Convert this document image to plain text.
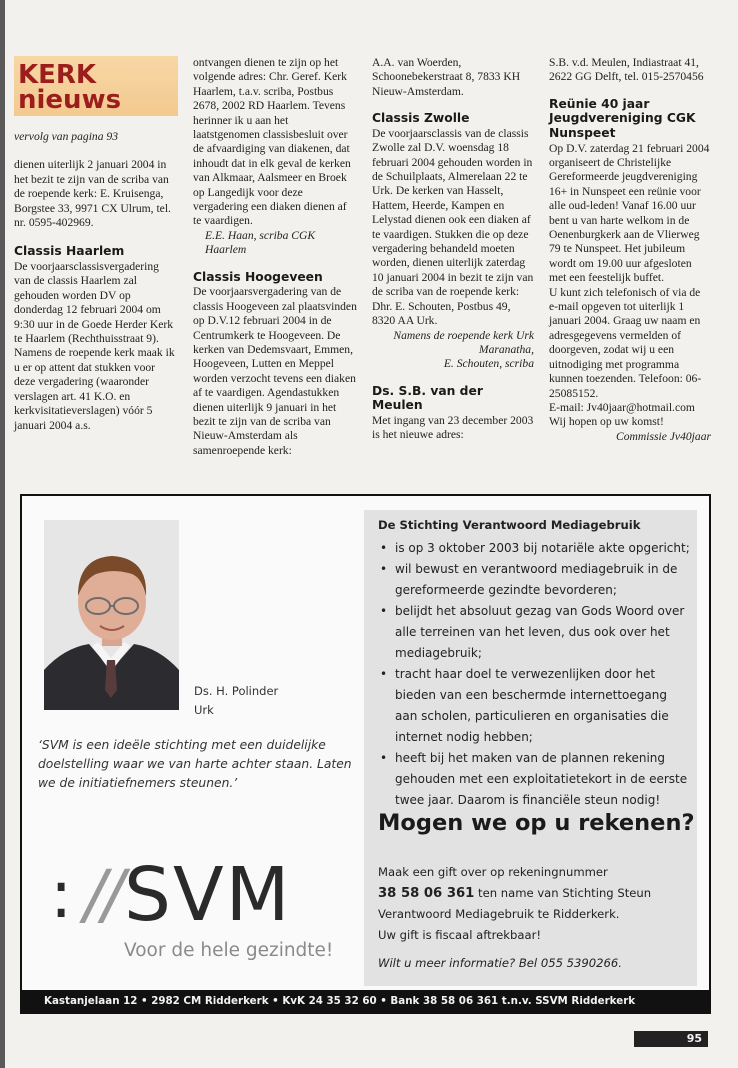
KERK
nieuws

vervolg van pagina 93

dienen uiterlijk 2 januari 2004 in het bezit te zijn van de scriba van de roepende kerk: E. Kruisenga, Borgstee 33, 9971 CX Ulrum, tel. nr. 0595-402969.

Classis Haarlem

De voorjaarsclassisvergadering van de classis Haarlem zal gehouden worden DV op donderdag 12 februari 2004 om 9:30 uur in de Goede Herder Kerk te Haarlem (Rechthuisstraat 9). Namens de roepende kerk maak ik u er op attent dat stukken voor deze vergadering (waaronder verslagen art. 41 K.O. en kerkvisitatieverslagen) vóór 5 januari 2004 a.s.

ontvangen dienen te zijn op het volgende adres: Chr. Geref. Kerk Haarlem, t.a.v. scriba, Postbus 2678, 2002 RD Haarlem. Tevens herinner ik u aan het laatstgenomen classisbesluit over de afvaardiging van diakenen, dat inhoudt dat in elk geval de kerken van Alkmaar, Aalsmeer en Broek op Langedijk voor deze vergadering een diaken dienen af te vaardigen.

E.E. Haan, scriba CGK Haarlem

Classis Hoogeveen

De voorjaarsvergadering van de classis Hoogeveen zal plaatsvinden op D.V.12 februari 2004 in de Centrumkerk te Hoogeveen. De kerken van Dedemsvaart, Emmen, Hoogeveen, Lutten en Meppel worden verzocht tevens een diaken af te vaardigen. Agendastukken dienen uiterlijk 9 januari in het bezit te zijn van de scriba van Nieuw-Amsterdam als samenroepende kerk:

A.A. van Woerden, Schoonebekerstraat 8, 7833 KH Nieuw-Amsterdam.

Classis Zwolle

De voorjaarsclassis van de classis Zwolle zal D.V. woensdag 18 februari 2004 gehouden worden in de Schuilplaats, Almerelaan 22 te Urk. De kerken van Hasselt, Hattem, Heerde, Kampen en Lelystad dienen ook een diaken af te vaardigen. Stukken die op deze vergadering behandeld moeten worden, dienen uiterlijk zaterdag 10 januari 2004 in bezit te zijn van de scriba van de roepende kerk: Dhr. E. Schouten, Postbus 49, 8320 AA Urk.

Namens de roepende kerk Urk

Maranatha,

E. Schouten, scriba

Ds. S.B. van der Meulen

Met ingang van 23 december 2003 is het nieuwe adres:

S.B. v.d. Meulen, Indiastraat 41, 2622 GG Delft, tel. 015-2570456

Reünie 40 jaar Jeugdvereniging CGK Nunspeet

Op D.V. zaterdag 21 februari 2004 organiseert de Christelijke Gereformeerde jeugdvereniging 16+ in Nunspeet een reünie voor alle oud-leden! Vanaf 16.00 uur bent u van harte welkom in de Oenenburgkerk aan de Vlierweg 79 te Nunspeet. Het jubileum wordt om 19.00 uur afgesloten met een feestelijk buffet.

U kunt zich telefonisch of via de e-mail opgeven tot uiterlijk 1 januari 2004. Graag uw naam en adresgegevens vermelden of doorgeven, zodat wij u een uitnodiging met programma kunnen toezenden. Telefoon: 06-25085152.

E-mail: Jv40jaar@hotmail.com

Wij hopen op uw komst!

Commissie Jv40jaar

Ds. H. Polinder
Urk
‘SVM is een ideële stichting met een duidelijke doelstelling waar we van harte achter staan. Laten we de initiatiefnemers steunen.’
: // SVM
Voor de hele gezindte!
De Stichting Verantwoord Mediagebruik
• is op 3 oktober 2003 bij notariële akte opgericht;
• wil bewust en verantwoord mediagebruik in de gereformeerde gezindte bevorderen;
• belijdt het absoluut gezag van Gods Woord over alle terreinen van het leven, dus ook over het mediagebruik;
• tracht haar doel te verwezenlijken door het bieden van een beschermde internettoegang aan scholen, particulieren en organisaties die internet nodig hebben;
• heeft bij het maken van de plannen rekening gehouden met een exploitatietekort in de eerste twee jaar. Daarom is financiële steun nodig!
Mogen we op u rekenen?
Maak een gift over op rekeningnummer
38 58 06 361 ten name van Stichting Steun Verantwoord Mediagebruik te Ridderkerk.
Uw gift is fiscaal aftrekbaar!
Wilt u meer informatie? Bel 055 5390266.
Kastanjelaan 12 • 2982 CM Ridderkerk • KvK 24 35 32 60 • Bank 38 58 06 361 t.n.v. SSVM Ridderkerk
95
